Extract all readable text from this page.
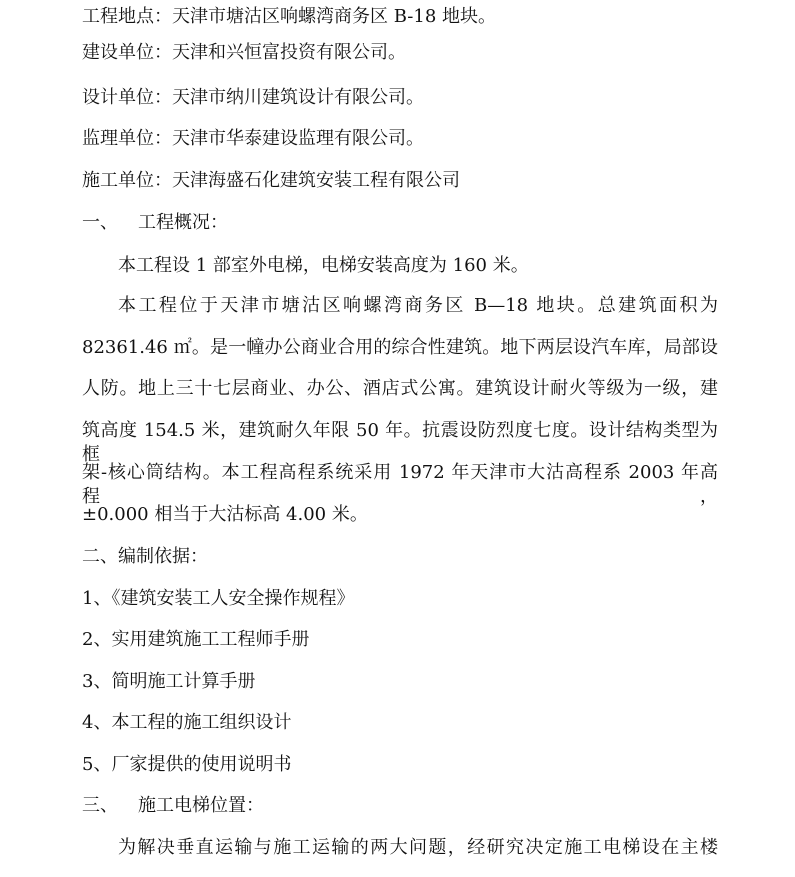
工程地点：天津市塘沽区响螺湾商务区 B-18 地块。
建设单位：天津和兴恒富投资有限公司。
设计单位：天津市纳川建筑设计有限公司。
监理单位：天津市华泰建设监理有限公司。
施工单位：天津海盛石化建筑安装工程有限公司
一、 工程概况：
本工程设 1 部室外电梯，电梯安装高度为 160 米。
本工程位于天津市塘沽区响螺湾商务区 B—18 地块。总建筑面积为
82361.46 ㎡。是一幢办公商业合用的综合性建筑。地下两层设汽车库，局部设
人防。地上三十七层商业、办公、酒店式公寓。建筑设计耐火等级为一级，建
筑高度 154.5 米，建筑耐久年限 50 年。抗震设防烈度七度。设计结构类型为框
架-核心筒结构。本工程高程系统采用 1972 年天津市大沽高程系 2003 年高程，
±0.000 相当于大沽标高 4.00 米。
二、编制依据：
1、《建筑安装工人安全操作规程》
2、实用建筑施工工程师手册
3、简明施工计算手册
4、本工程的施工组织设计
5、厂家提供的使用说明书
三、 施工电梯位置：
为解决垂直运输与施工运输的两大问题，经研究决定施工电梯设在主楼
